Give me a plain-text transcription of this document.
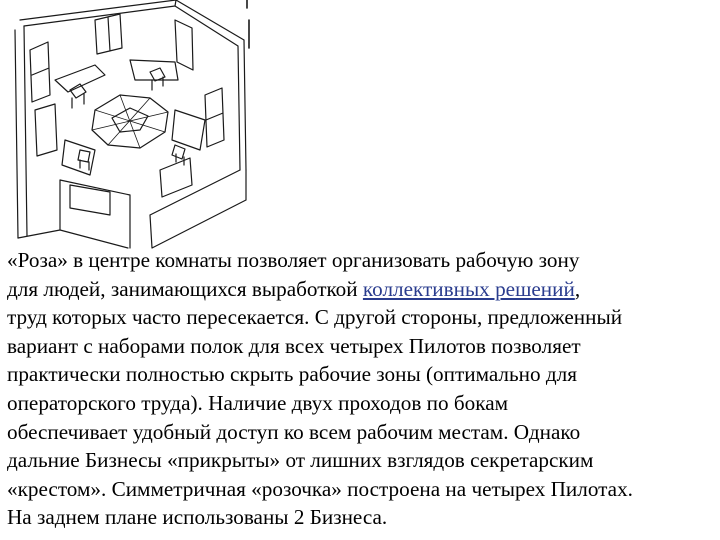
«Роза» в центре комнаты позволяет организовать рабочую зону
для людей, занимающихся выработкой коллективных решений,
труд которых часто пересекается. С другой стороны, предложенный
вариант с наборами полок для всех четырех Пилотов позволяет
практически полностью скрыть рабочие зоны (оптимально для
операторского труда). Наличие двух проходов по бокам
обеспечивает удобный доступ ко всем рабочим местам. Однако
дальние Бизнесы «прикрыты» от лишних взглядов секретарским
«крестом». Симметричная «розочка» построена на четырех Пилотах.
На заднем плане использованы 2 Бизнеса.
